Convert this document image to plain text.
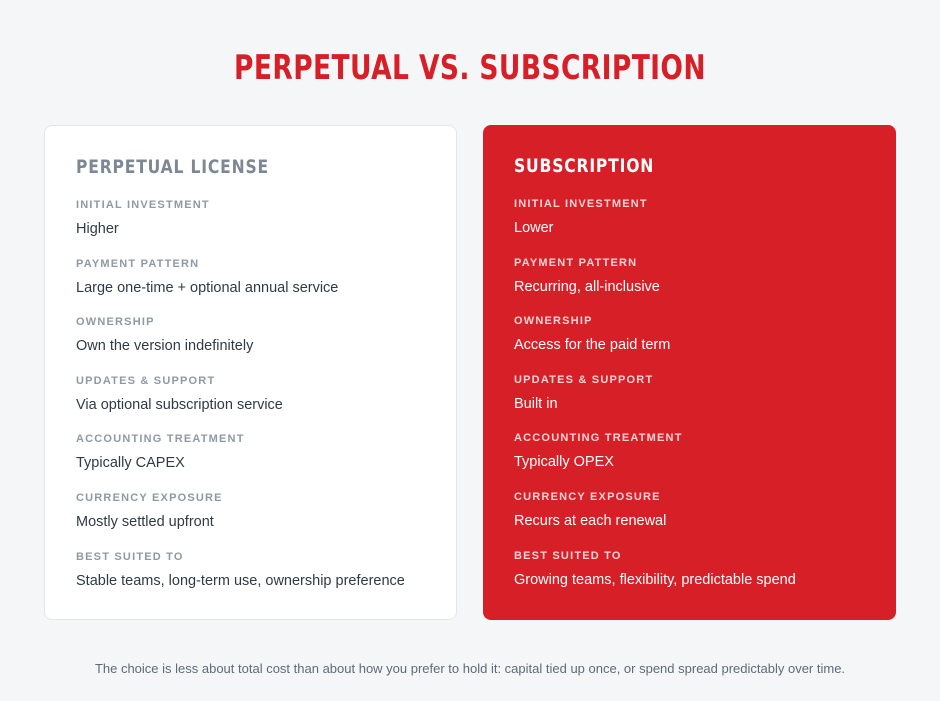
PERPETUAL VS. SUBSCRIPTION
PERPETUAL LICENSE
INITIAL INVESTMENT
Higher
PAYMENT PATTERN
Large one-time + optional annual service
OWNERSHIP
Own the version indefinitely
UPDATES & SUPPORT
Via optional subscription service
ACCOUNTING TREATMENT
Typically CAPEX
CURRENCY EXPOSURE
Mostly settled upfront
BEST SUITED TO
Stable teams, long-term use, ownership preference
SUBSCRIPTION
INITIAL INVESTMENT
Lower
PAYMENT PATTERN
Recurring, all-inclusive
OWNERSHIP
Access for the paid term
UPDATES & SUPPORT
Built in
ACCOUNTING TREATMENT
Typically OPEX
CURRENCY EXPOSURE
Recurs at each renewal
BEST SUITED TO
Growing teams, flexibility, predictable spend

The choice is less about total cost than about how you prefer to hold it: capital tied up once, or spend spread predictably over time.
